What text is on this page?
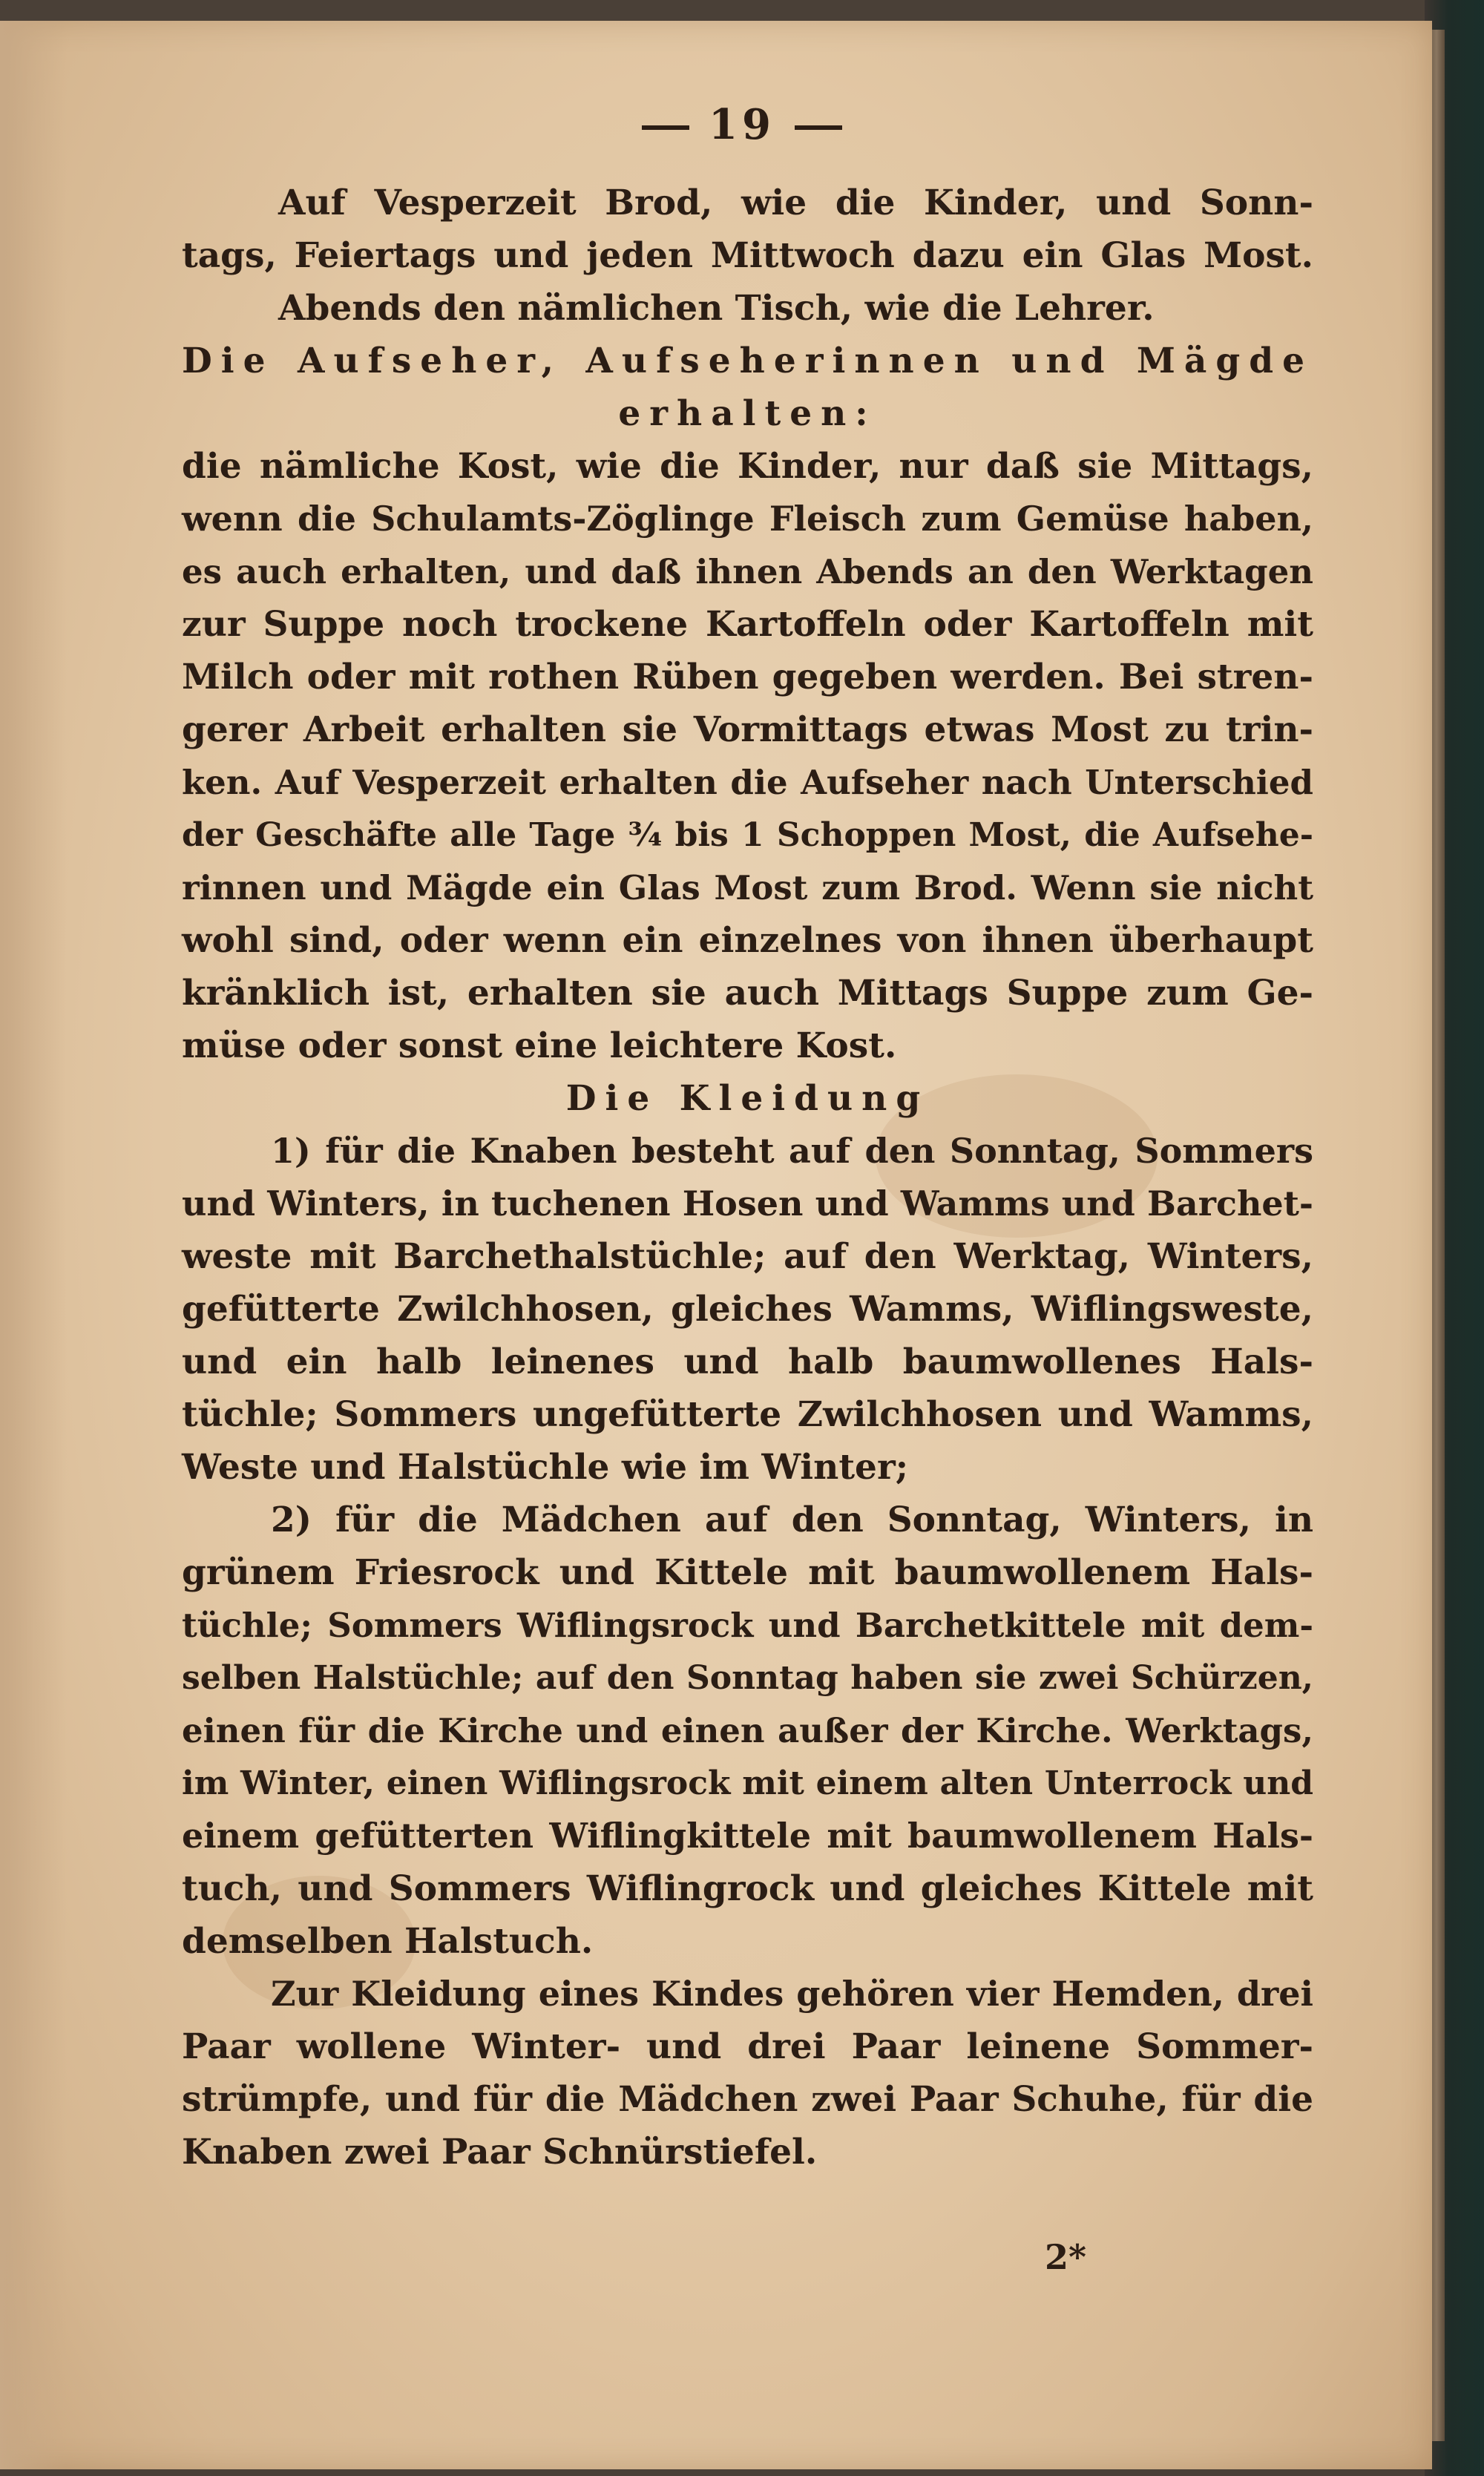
19
Auf Vesperzeit Brod, wie die Kinder, und Sonn-
tags, Feiertags und jeden Mittwoch dazu ein Glas Most.
Abends den nämlichen Tisch, wie die Lehrer.
Die Aufseher, Aufseherinnen und Mägde
erhalten:
die nämliche Kost, wie die Kinder, nur daß sie Mittags,
wenn die Schulamts-Zöglinge Fleisch zum Gemüse haben,
es auch erhalten, und daß ihnen Abends an den Werktagen
zur Suppe noch trockene Kartoffeln oder Kartoffeln mit
Milch oder mit rothen Rüben gegeben werden. Bei stren-
gerer Arbeit erhalten sie Vormittags etwas Most zu trin-
ken. Auf Vesperzeit erhalten die Aufseher nach Unterschied
der Geschäfte alle Tage ¾ bis 1 Schoppen Most, die Aufsehe-
rinnen und Mägde ein Glas Most zum Brod. Wenn sie nicht
wohl sind, oder wenn ein einzelnes von ihnen überhaupt
kränklich ist, erhalten sie auch Mittags Suppe zum Ge-
müse oder sonst eine leichtere Kost.
Die Kleidung
1) für die Knaben besteht auf den Sonntag, Sommers
und Winters, in tuchenen Hosen und Wamms und Barchet-
weste mit Barchethalstüchle; auf den Werktag, Winters,
gefütterte Zwilchhosen, gleiches Wamms, Wiflingsweste,
und ein halb leinenes und halb baumwollenes Hals-
tüchle; Sommers ungefütterte Zwilchhosen und Wamms,
Weste und Halstüchle wie im Winter;
2) für die Mädchen auf den Sonntag, Winters, in
grünem Friesrock und Kittele mit baumwollenem Hals-
tüchle; Sommers Wiflingsrock und Barchetkittele mit dem-
selben Halstüchle; auf den Sonntag haben sie zwei Schürzen,
einen für die Kirche und einen außer der Kirche. Werktags,
im Winter, einen Wiflingsrock mit einem alten Unterrock und
einem gefütterten Wiflingkittele mit baumwollenem Hals-
tuch, und Sommers Wiflingrock und gleiches Kittele mit
demselben Halstuch.
Zur Kleidung eines Kindes gehören vier Hemden, drei
Paar wollene Winter- und drei Paar leinene Sommer-
strümpfe, und für die Mädchen zwei Paar Schuhe, für die
Knaben zwei Paar Schnürstiefel.
2*
